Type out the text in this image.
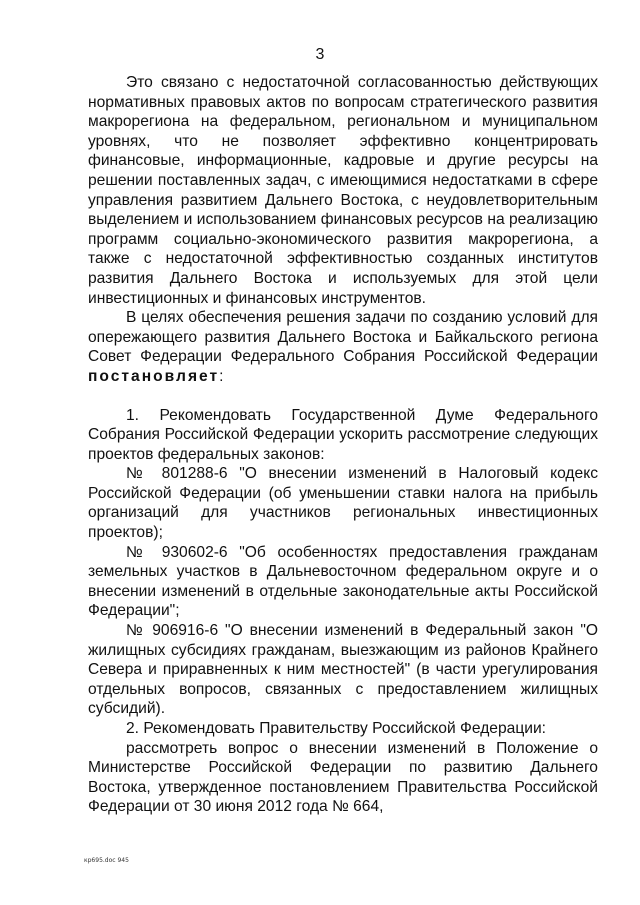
3

Это связано с недостаточной согласованностью действующих нормативных правовых актов по вопросам стратегического развития макрорегиона на федеральном, региональном и муниципальном уровнях, что не позволяет эффективно концентрировать финансовые, информационные, кадровые и другие ресурсы на решении поставленных задач, с имеющимися недостатками в сфере управления развитием Дальнего Востока, с неудовлетворительным выделением и использованием финансовых ресурсов на реализацию программ социально-экономического развития макрорегиона, а также с недостаточной эффективностью созданных институтов развития Дальнего Востока и используемых для этой цели инвестиционных и финансовых инструментов.

В целях обеспечения решения задачи по созданию условий для опережающего развития Дальнего Востока и Байкальского региона Совет Федерации Федерального Собрания Российской Федерации постановляет:

1. Рекомендовать Государственной Думе Федерального Собрания Российской Федерации ускорить рассмотрение следующих проектов федеральных законов:

№ 801288-6 "О внесении изменений в Налоговый кодекс Российской Федерации (об уменьшении ставки налога на прибыль организаций для участников региональных инвестиционных проектов);

№ 930602-6 "Об особенностях предоставления гражданам земельных участков в Дальневосточном федеральном округе и о внесении изменений в отдельные законодательные акты Российской Федерации";

№ 906916-6 "О внесении изменений в Федеральный закон "О жилищных субсидиях гражданам, выезжающим из районов Крайнего Севера и приравненных к ним местностей" (в части урегулирования отдельных вопросов, связанных с предоставлением жилищных субсидий).

2. Рекомендовать Правительству Российской Федерации:

рассмотреть вопрос о внесении изменений в Положение о Министерстве Российской Федерации по развитию Дальнего Востока, утвержденное постановлением Правительства Российской Федерации от 30 июня 2012 года № 664,

кр695.doc 945
